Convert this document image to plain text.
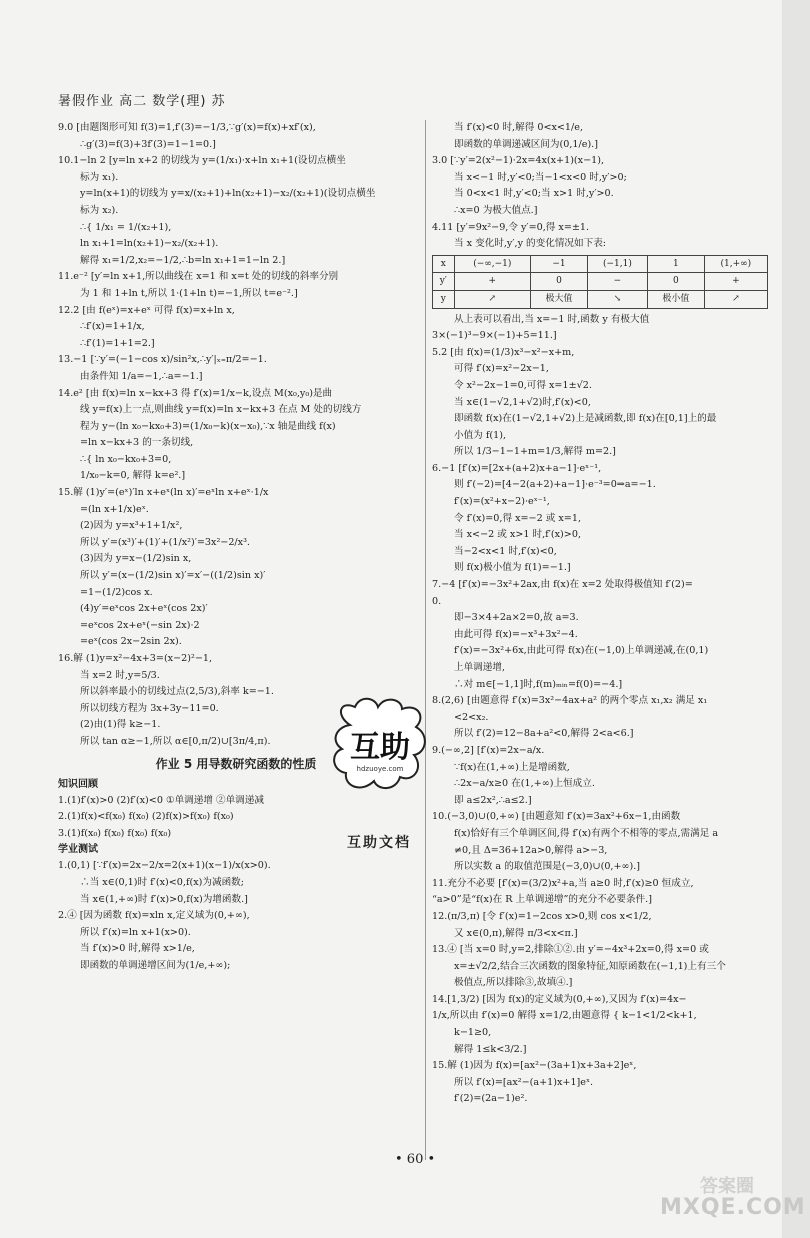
暑假作业 高二 数学(理) 苏
9.0 [由题图形可知 f(3)=1,f′(3)=−1/3,∵g′(x)=f(x)+xf′(x),
∴g′(3)=f(3)+3f′(3)=1−1=0.]
10.1−ln 2 [y=ln x+2 的切线为 y=(1/x₁)·x+ln x₁+1(设切点横坐
标为 x₁).
y=ln(x+1)的切线为 y=x/(x₂+1)+ln(x₂+1)−x₂/(x₂+1)(设切点横坐
标为 x₂).
∴{ 1/x₁ = 1/(x₂+1),
ln x₁+1=ln(x₂+1)−x₂/(x₂+1).
解得 x₁=1/2,x₂=−1/2,∴b=ln x₁+1=1−ln 2.]
11.e⁻² [y′=ln x+1,所以曲线在 x=1 和 x=t 处的切线的斜率分别
为 1 和 1+ln t,所以 1·(1+ln t)=−1,所以 t=e⁻².]
12.2 [由 f(eˣ)=x+eˣ 可得 f(x)=x+ln x,
∴f′(x)=1+1/x,
∴f′(1)=1+1=2.]
13.−1 [∵y′=(−1−cos x)/sin²x,∴y′|ₓ₌π/2=−1.
由条件知 1/a=−1,∴a=−1.]
14.e² [由 f(x)=ln x−kx+3 得 f′(x)=1/x−k,设点 M(x₀,y₀)是曲
线 y=f(x)上一点,则曲线 y=f(x)=ln x−kx+3 在点 M 处的切线方
程为 y−(ln x₀−kx₀+3)=(1/x₀−k)(x−x₀),∵x 轴是曲线 f(x)
=ln x−kx+3 的一条切线,
∴{ ln x₀−kx₀+3=0,
1/x₀−k=0, 解得 k=e².]
15.解 (1)y′=(eˣ)′ln x+eˣ(ln x)′=eˣln x+eˣ·1/x
=(ln x+1/x)eˣ.
(2)因为 y=x³+1+1/x²,
所以 y′=(x³)′+(1)′+(1/x²)′=3x²−2/x³.
(3)因为 y=x−(1/2)sin x,
所以 y′=(x−(1/2)sin x)′=x′−((1/2)sin x)′
=1−(1/2)cos x.
(4)y′=eˣcos 2x+eˣ(cos 2x)′
=eˣcos 2x+eˣ(−sin 2x)·2
=eˣ(cos 2x−2sin 2x).
16.解 (1)y=x²−4x+3=(x−2)²−1,
当 x=2 时,y=5/3.
所以斜率最小的切线过点(2,5/3),斜率 k=−1.
所以切线方程为 3x+3y−11=0.
(2)由(1)得 k≥−1.
所以 tan α≥−1,所以 α∈[0,π/2)∪[3π/4,π).
作业 5 用导数研究函数的性质
知识回顾
1.(1)f′(x)>0 (2)f′(x)<0 ①单调递增 ②单调递减
2.(1)f(x)<f(x₀) f(x₀) (2)f(x)>f(x₀) f(x₀)
3.(1)f(x₀) f(x₀) f(x₀) f(x₀)
学业测试
1.(0,1) [∵f′(x)=2x−2/x=2(x+1)(x−1)/x(x>0).
∴当 x∈(0,1)时 f′(x)<0,f(x)为减函数;
当 x∈(1,+∞)时 f′(x)>0,f(x)为增函数.]
2.④ [因为函数 f(x)=xln x,定义域为(0,+∞),
所以 f′(x)=ln x+1(x>0).
当 f′(x)>0 时,解得 x>1/e,
即函数的单调递增区间为(1/e,+∞);
当 f′(x)<0 时,解得 0<x<1/e,
即函数的单调递减区间为(0,1/e).]
3.0 [∵y′=2(x²−1)·2x=4x(x+1)(x−1),
当 x<−1 时,y′<0;当−1<x<0 时,y′>0;
当 0<x<1 时,y′<0;当 x>1 时,y′>0.
∴x=0 为极大值点.]
4.11 [y′=9x²−9,令 y′=0,得 x=±1.
当 x 变化时,y′,y 的变化情况如下表:
x	(−∞,−1)	−1	(−1,1)	1	(1,+∞)
y′	+	0	−	0	+
y	↗	极大值	↘	极小值	↗
从上表可以看出,当 x=−1 时,函数 y 有极大值
3×(−1)³−9×(−1)+5=11.]
5.2 [由 f(x)=(1/3)x³−x²−x+m,
可得 f′(x)=x²−2x−1,
令 x²−2x−1=0,可得 x=1±√2.
当 x∈(1−√2,1+√2)时,f′(x)<0,
即函数 f(x)在(1−√2,1+√2)上是减函数,即 f(x)在[0,1]上的最
小值为 f(1),
所以 1/3−1−1+m=1/3,解得 m=2.]
6.−1 [f′(x)=[2x+(a+2)x+a−1]·eˣ⁻¹,
则 f′(−2)=[4−2(a+2)+a−1]·e⁻³=0⇒a=−1.
f′(x)=(x²+x−2)·eˣ⁻¹,
令 f′(x)=0,得 x=−2 或 x=1,
当 x<−2 或 x>1 时,f′(x)>0,
当−2<x<1 时,f′(x)<0,
则 f(x)极小值为 f(1)=−1.]
7.−4 [f′(x)=−3x²+2ax,由 f(x)在 x=2 处取得极值知 f′(2)=
0.
即−3×4+2a×2=0,故 a=3.
由此可得 f(x)=−x³+3x²−4.
f′(x)=−3x²+6x,由此可得 f(x)在(−1,0)上单调递减,在(0,1)
上单调递增,
∴对 m∈[−1,1]时,f(m)ₘᵢₙ=f(0)=−4.]
8.(2,6) [由题意得 f′(x)=3x²−4ax+a² 的两个零点 x₁,x₂ 满足 x₁
<2<x₂.
所以 f′(2)=12−8a+a²<0,解得 2<a<6.]
9.(−∞,2] [f′(x)=2x−a/x.
∵f(x)在(1,+∞)上是增函数,
∴2x−a/x≥0 在(1,+∞)上恒成立.
即 a≤2x²,∴a≤2.]
10.(−3,0)∪(0,+∞) [由题意知 f′(x)=3ax²+6x−1,由函数
f(x)恰好有三个单调区间,得 f′(x)有两个不相等的零点,需满足 a
≠0,且 Δ=36+12a>0,解得 a>−3,
所以实数 a 的取值范围是(−3,0)∪(0,+∞).]
11.充分不必要 [f′(x)=(3/2)x²+a,当 a≥0 时,f′(x)≥0 恒成立,
“a>0”是“f(x)在 R 上单调递增”的充分不必要条件.]
12.(π/3,π) [令 f′(x)=1−2cos x>0,则 cos x<1/2,
又 x∈(0,π),解得 π/3<x<π.]
13.④ [当 x=0 时,y=2,排除①②.由 y′=−4x³+2x=0,得 x=0 或
x=±√2/2,结合三次函数的图象特征,知原函数在(−1,1)上有三个
极值点,所以排除③,故填④.]
14.[1,3/2) [因为 f(x)的定义域为(0,+∞),又因为 f′(x)=4x−
1/x,所以由 f′(x)=0 解得 x=1/2,由题意得 { k−1<1/2<k+1,
k−1≥0,
解得 1≤k<3/2.]
15.解 (1)因为 f(x)=[ax²−(3a+1)x+3a+2]eˣ,
所以 f′(x)=[ax²−(a+1)x+1]eˣ.
f′(2)=(2a−1)e².
互助
hdzuoye.com
互助文档
• 60 •
答案圈
MXQE.COM
